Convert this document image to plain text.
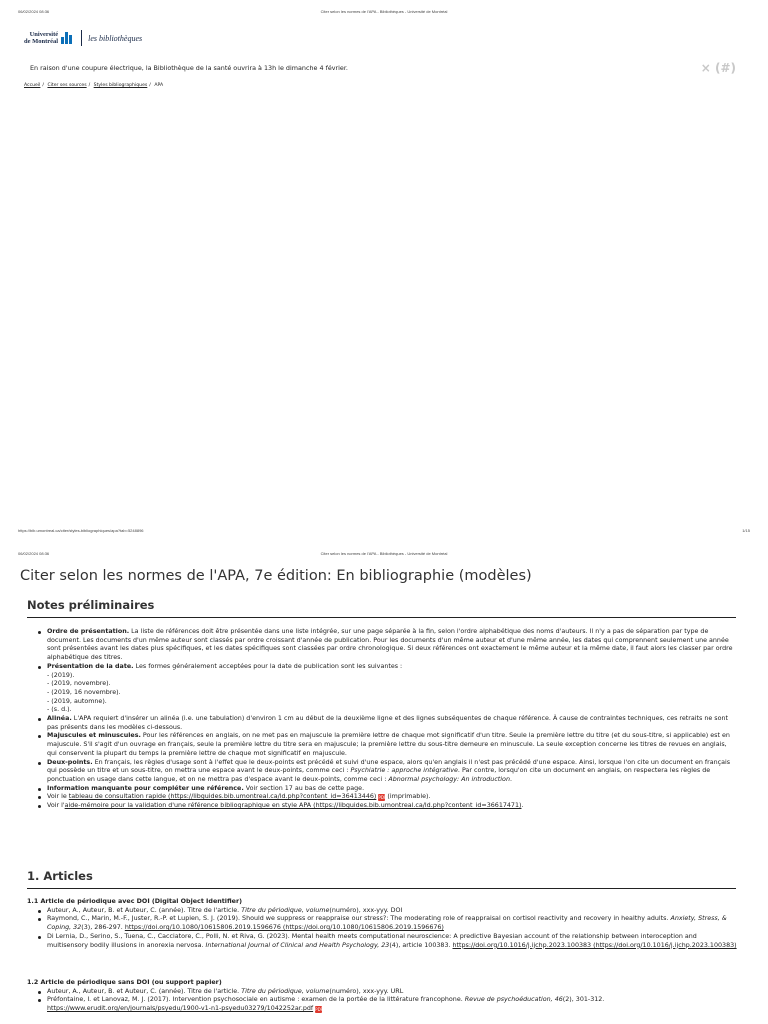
06/02/2024 08:36	Citer selon les normes de l'APA - Bibliothèques - Université de Montréal
Université
de Montréal	les bibliothèques
En raison d'une coupure électrique, la Bibliothèque de la santé ouvrira à 13h le dimanche 4 février.	× (#)
Accueil / Citer ses sources / Styles bibliographiques / APA
https://bib.umontreal.ca/citer/styles-bibliographiques/apa?tab=5248896	1/15
06/02/2024 08:36	Citer selon les normes de l'APA - Bibliothèques - Université de Montréal
Citer selon les normes de l'APA, 7e édition: En bibliographie (modèles)
Notes préliminaires
Ordre de présentation. La liste de références doit être présentée dans une liste intégrée, sur une page séparée à la fin, selon l'ordre alphabétique des noms d'auteurs. Il n'y a pas de séparation par type de document. Les documents d'un même auteur sont classés par ordre croissant d'année de publication. Pour les documents d'un même auteur et d'une même année, les dates qui comprennent seulement une année sont présentées avant les dates plus spécifiques, et les dates spécifiques sont classées par ordre chronologique. Si deux références ont exactement le même auteur et la même date, il faut alors les classer par ordre alphabétique des titres.
Présentation de la date. Les formes généralement acceptées pour la date de publication sont les suivantes :
- (2019).
- (2019, novembre).
- (2019, 16 novembre).
- (2019, automne).
- (s. d.).
Alinéa. L'APA requiert d'insérer un alinéa (i.e. une tabulation) d'environ 1 cm au début de la deuxième ligne et des lignes subséquentes de chaque référence. À cause de contraintes techniques, ces retraits ne sont pas présents dans les modèles ci-dessous.
Majuscules et minuscules. Pour les références en anglais, on ne met pas en majuscule la première lettre de chaque mot significatif d'un titre. Seule la première lettre du titre (et du sous-titre, si applicable) est en majuscule. S'il s'agit d'un ouvrage en français, seule la première lettre du titre sera en majuscule; la première lettre du sous-titre demeure en minuscule. La seule exception concerne les titres de revues en anglais, qui conservent la plupart du temps la première lettre de chaque mot significatif en majuscule.
Deux-points. En français, les règles d'usage sont à l'effet que le deux-points est précédé et suivi d'une espace, alors qu'en anglais il n'est pas précédé d'une espace. Ainsi, lorsque l'on cite un document en français qui possède un titre et un sous-titre, on mettra une espace avant le deux-points, comme ceci : Psychiatrie : approche intégrative. Par contre, lorsqu'on cite un document en anglais, on respectera les règles de ponctuation en usage dans cette langue, et on ne mettra pas d'espace avant le deux-points, comme ceci : Abnormal psychology: An introduction.
Information manquante pour compléter une référence. Voir section 17 au bas de cette page.
Voir le tableau de consultation rapide (https://libguides.bib.umontreal.ca/ld.php?content_id=36413446) PDF (imprimable).
Voir l'aide-mémoire pour la validation d'une référence bibliographique en style APA (https://libguides.bib.umontreal.ca/ld.php?content_id=36617471).
1. Articles
1.1 Article de périodique avec DOI (Digital Object Identifier)
Auteur, A., Auteur, B. et Auteur, C. (année). Titre de l'article. Titre du périodique, volume(numéro), xxx-yyy. DOI
Raymond, C., Marin, M.-F., Juster, R.-P. et Lupien, S. J. (2019). Should we suppress or reappraise our stress?: The moderating role of reappraisal on cortisol reactivity and recovery in healthy adults. Anxiety, Stress, & Coping, 32(3), 286-297. https://doi.org/10.1080/10615806.2019.1596676 (https://doi.org/10.1080/10615806.2019.1596676)
Di Lernia, D., Serino, S., Tuena, C., Cacciatore, C., Polli, N. et Riva, G. (2023). Mental health meets computational neuroscience: A predictive Bayesian account of the relationship between interoception and multisensory bodily illusions in anorexia nervosa. International Journal of Clinical and Health Psychology, 23(4), article 100383. https://doi.org/10.1016/j.ijchp.2023.100383 (https://doi.org/10.1016/j.ijchp.2023.100383)
1.2 Article de périodique sans DOI (ou support papier)
Auteur, A., Auteur, B. et Auteur, C. (année). Titre de l'article. Titre du périodique, volume(numéro), xxx-yyy. URL
Préfontaine, I. et Lanovaz, M. J. (2017). Intervention psychosociale en autisme : examen de la portée de la littérature francophone. Revue de psychoéducation, 46(2), 301-312. https://www.erudit.org/en/journals/psyedu/1900-v1-n1-psyedu03279/1042252ar.pdf PDF
